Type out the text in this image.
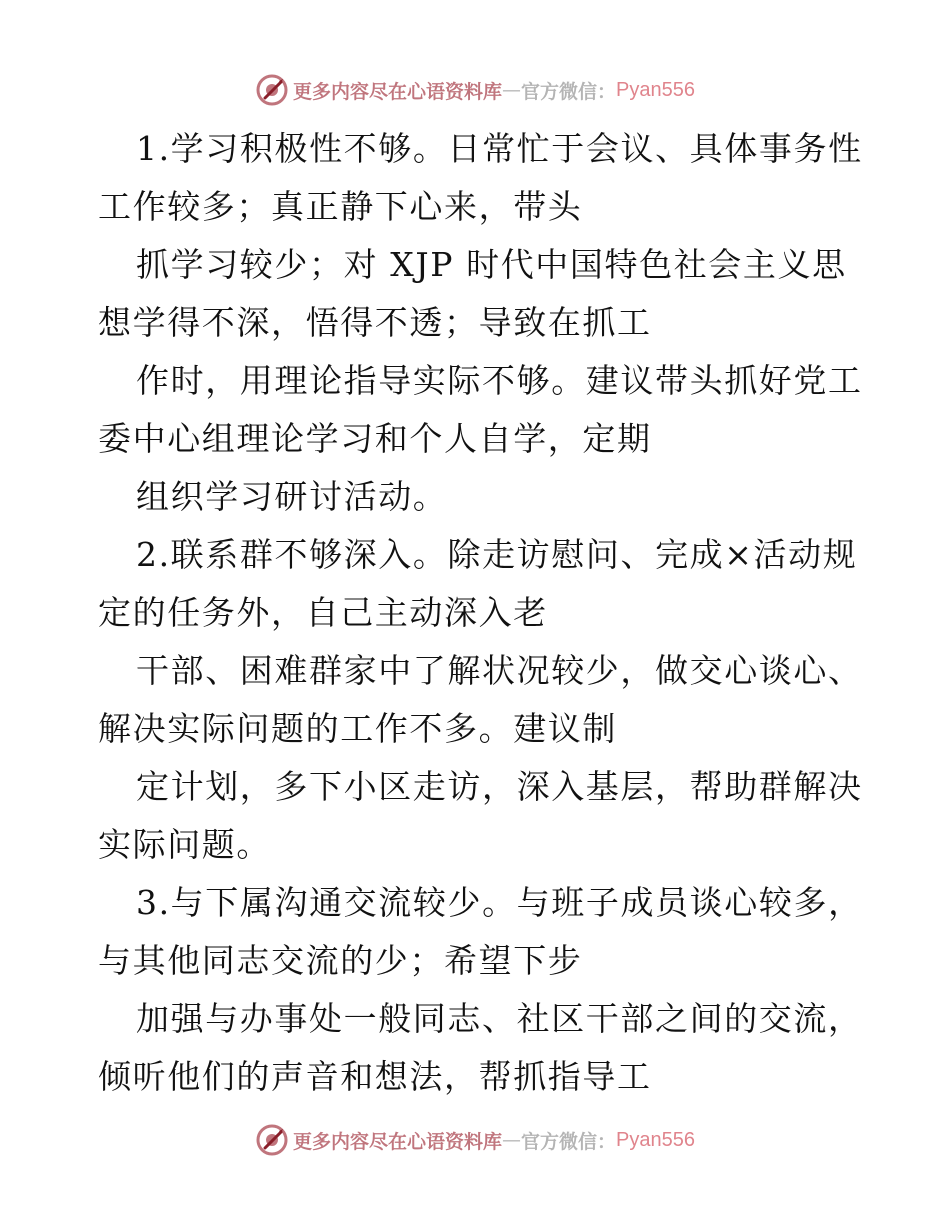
更多内容尽在心语资料库 — 官方微信： Pyan556
1.学习积极性不够。日常忙于会议、具体事务性
工作较多；真正静下心来，带头
抓学习较少；对 XJP 时代中国特色社会主义思
想学得不深，悟得不透；导致在抓工
作时，用理论指导实际不够。建议带头抓好党工
委中心组理论学习和个人自学，定期
组织学习研讨活动。
2.联系群不够深入。除走访慰问、完成×活动规
定的任务外，自己主动深入老
干部、困难群家中了解状况较少，做交心谈心、
解决实际问题的工作不多。建议制
定计划，多下小区走访，深入基层，帮助群解决
实际问题。
3.与下属沟通交流较少。与班子成员谈心较多，
与其他同志交流的少；希望下步
加强与办事处一般同志、社区干部之间的交流，
倾听他们的声音和想法，帮抓指导工
更多内容尽在心语资料库 — 官方微信： Pyan556
